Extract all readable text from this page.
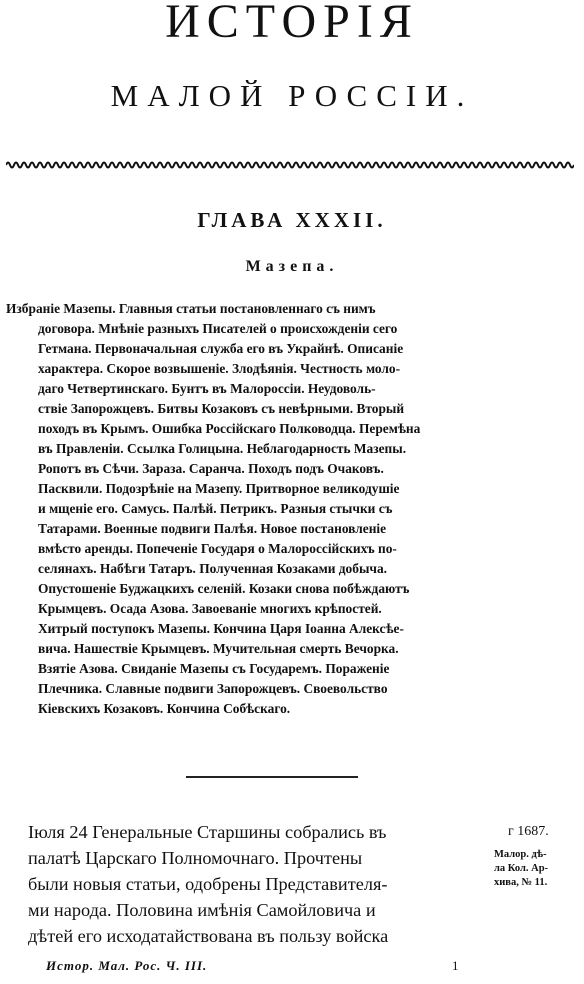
ИСТОРІЯ
МАЛОЙ РОССІИ.
ГЛАВА XXXII.
Мазепа.
Избраніе Мазепы. Главныя статьи постановленнаго съ нимъ
договора. Мнѣніе разныхъ Писателей о происхожденіи сего
Гетмана. Первоначальная служба его въ Украйнѣ. Описаніе
характера. Скорое возвышеніе. Злодѣянія. Честность моло-
даго Четвертинскаго. Бунтъ въ Малороссіи. Неудоволь-
ствіе Запорожцевъ. Битвы Козаковъ съ невѣрными. Вторый
походъ въ Крымъ. Ошибка Россійскаго Полководца. Перемѣна
въ Правленіи. Ссылка Голицына. Неблагодарность Мазепы.
Ропотъ въ Сѣчи. Зараза. Саранча. Походъ подъ Очаковъ.
Пасквили. Подозрѣніе на Мазепу. Притворное великодушіе
и мщеніе его. Самусь. Палѣй. Петрикъ. Разныя стычки съ
Татарами. Военные подвиги Палѣя. Новое постановленіе
вмѣсто аренды. Попеченіе Государя о Малороссійскихъ по-
селянахъ. Набѣги Татаръ. Полученная Козаками добыча.
Опустошеніе Буджацкихъ селеній. Козаки снова побѣждаютъ
Крымцевъ. Осада Азова. Завоеваніе многихъ крѣпостей.
Хитрый поступокъ Мазепы. Кончина Царя Іоанна Алексѣе-
вича. Нашествіе Крымцевъ. Мучительная смерть Вечорка.
Взятіе Азова. Свиданіе Мазепы съ Государемъ. Пораженіе
Плечника. Славные подвиги Запорожцевъ. Своевольство
Кіевскихъ Козаковъ. Кончина Собѣскаго.
Іюля 24 Генеральные Старшины собрались въ
палатѣ Царскаго Полномочнаго. Прочтены
были новыя статьи, одобрены Представителя-
ми народа. Половина имѣнія Самойловича и
дѣтей его исходатайствована въ пользу войска
г 1687.
Малор. дѣ-
ла Кол. Ар-
хива, № 11.
Истор. Мал. Рос. Ч. III.	1
